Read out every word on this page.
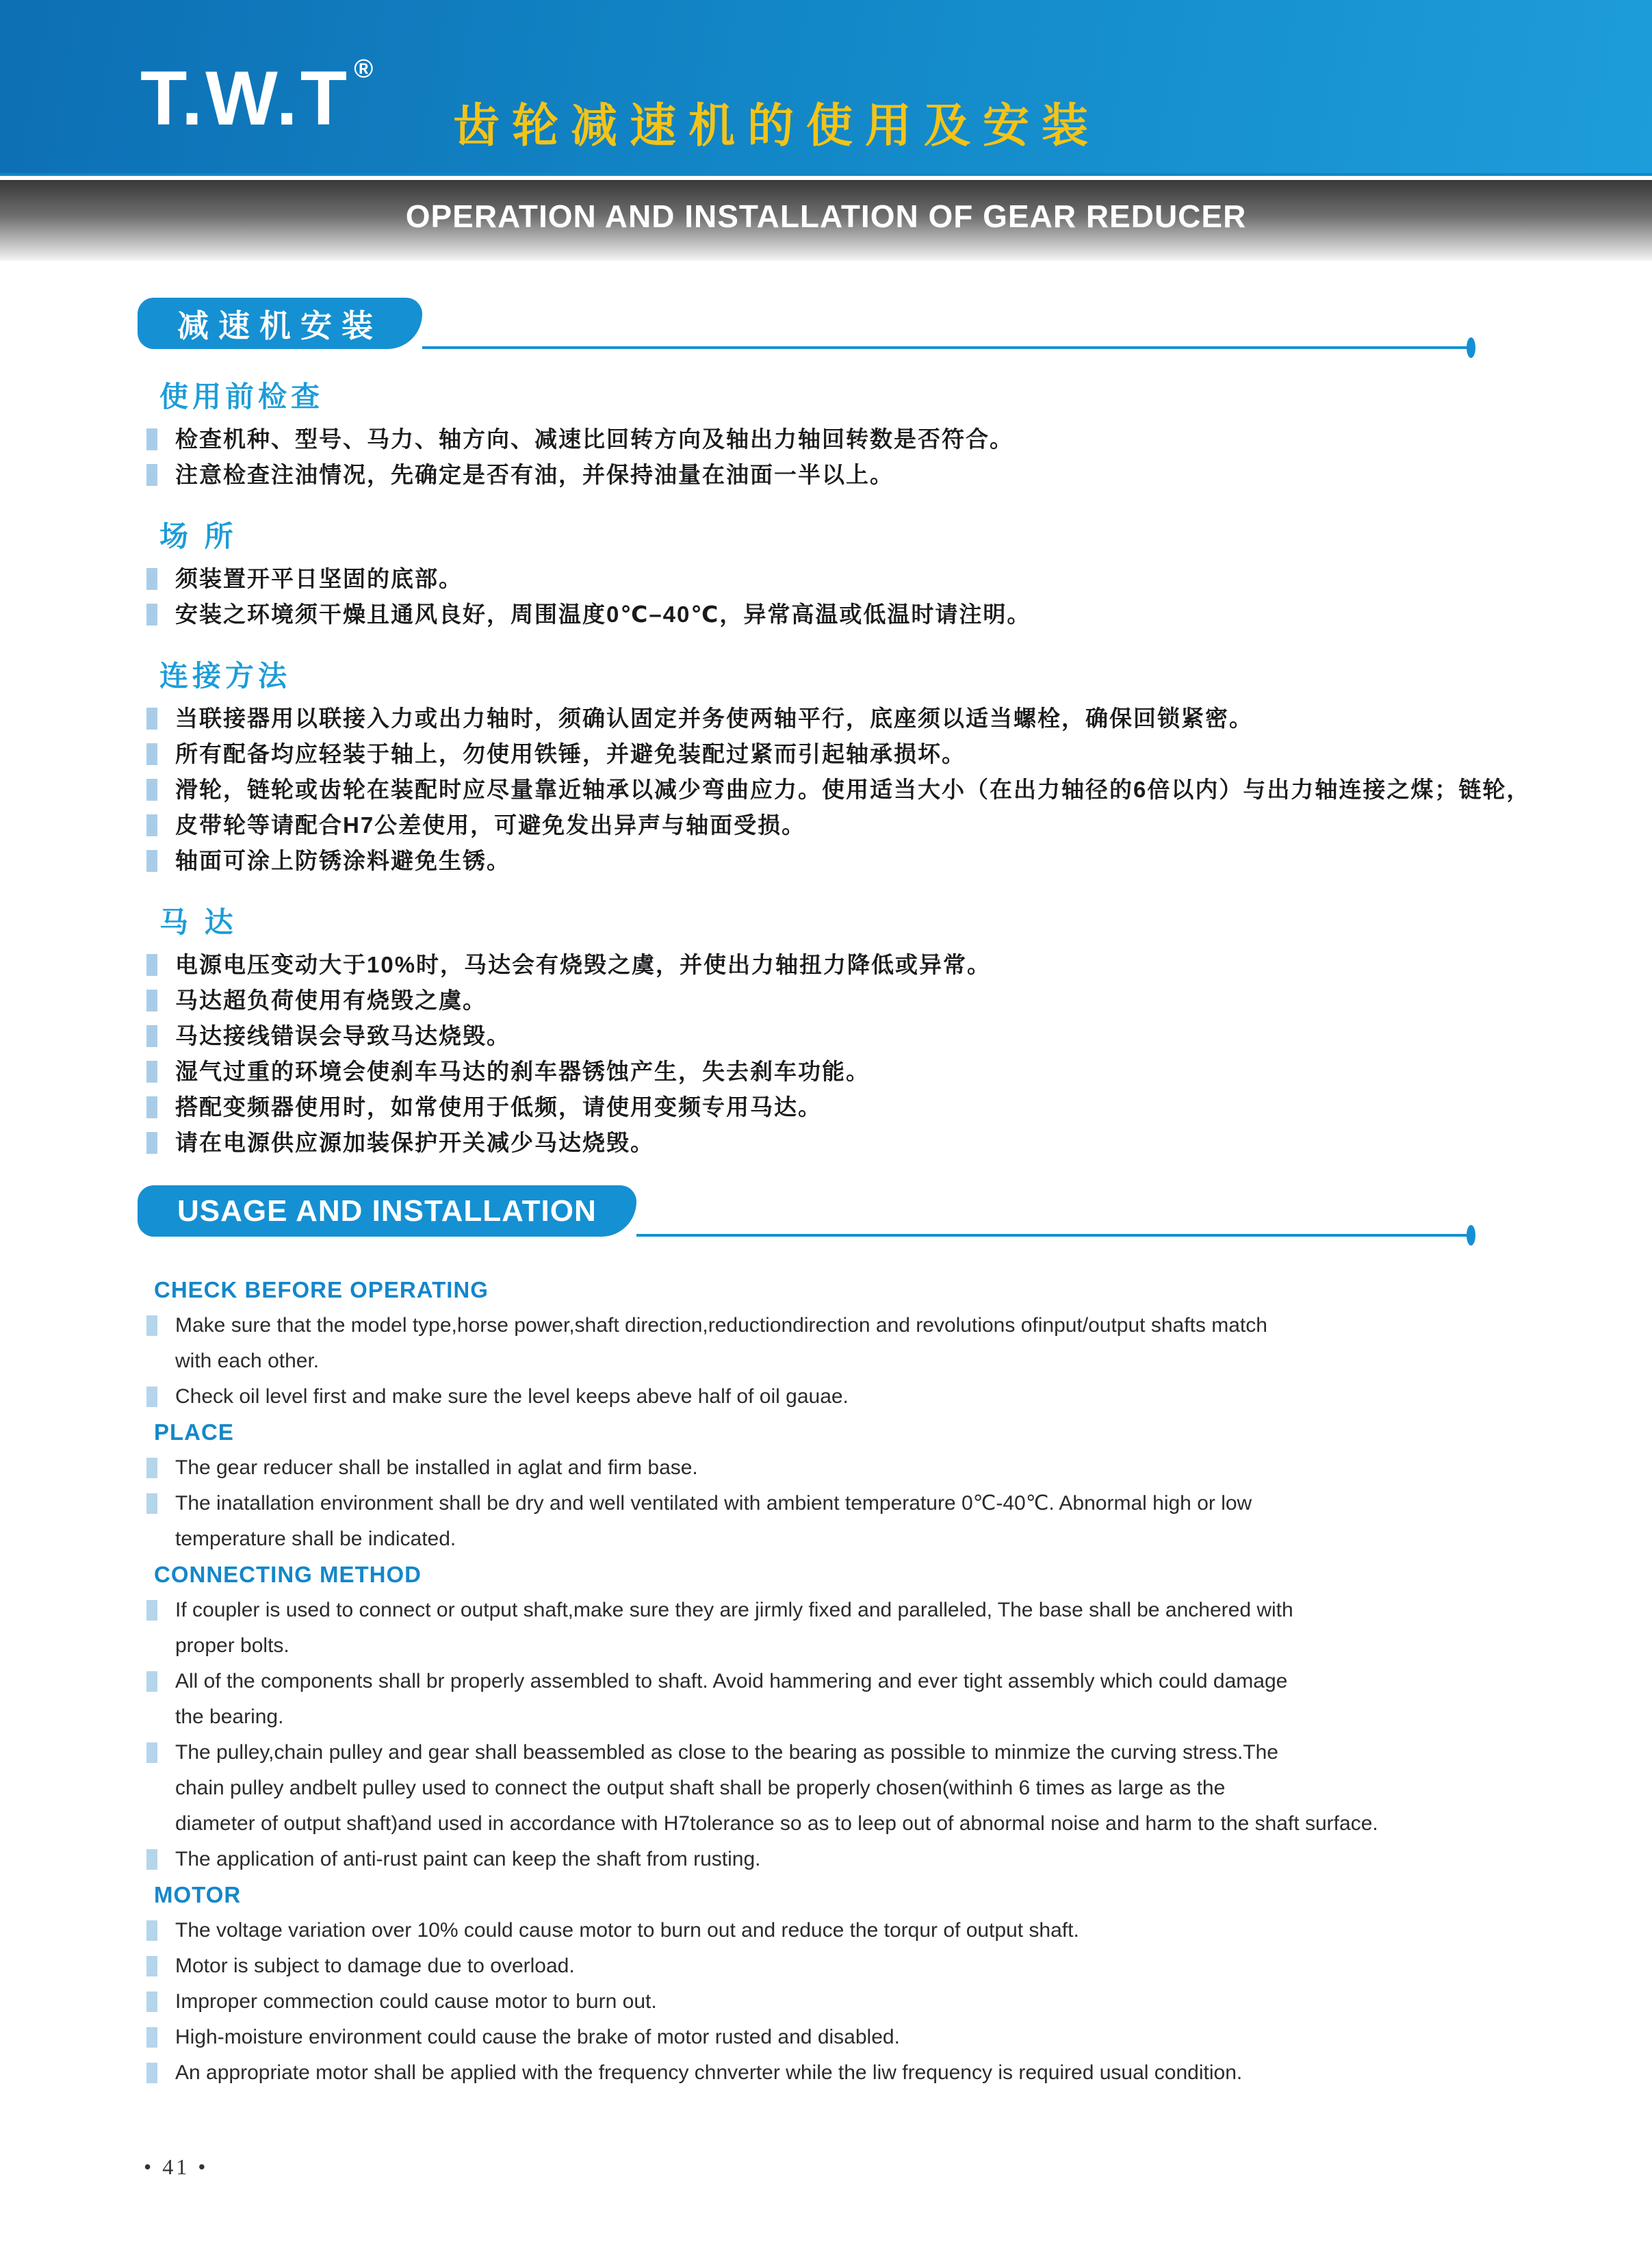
T.W.T ®
齿轮减速机的使用及安装
OPERATION AND INSTALLATION OF GEAR REDUCER
减速机安装
使用前检查
检查机种、型号、马力、轴方向、减速比回转方向及轴出力轴回转数是否符合。
注意检查注油情况，先确定是否有油，并保持油量在油面一半以上。
场 所
须装置开平日坚固的底部。
安装之环境须干燥且通风良好，周围温度0℃–40℃，异常高温或低温时请注明。
连接方法
当联接器用以联接入力或出力轴时，须确认固定并务使两轴平行，底座须以适当螺栓，确保回锁紧密。
所有配备均应轻装于轴上，勿使用铁锤，并避免装配过紧而引起轴承损坏。
滑轮，链轮或齿轮在装配时应尽量靠近轴承以减少弯曲应力。使用适当大小（在出力轴径的6倍以内）与出力轴连接之煤；链轮，
皮带轮等请配合H7公差使用，可避免发出异声与轴面受损。
轴面可涂上防锈涂料避免生锈。
马 达
电源电压变动大于10%时，马达会有烧毁之虞，并使出力轴扭力降低或异常。
马达超负荷使用有烧毁之虞。
马达接线错误会导致马达烧毁。
湿气过重的环境会使刹车马达的刹车器锈蚀产生，失去刹车功能。
搭配变频器使用时，如常使用于低频，请使用变频专用马达。
请在电源供应源加装保护开关减少马达烧毁。
USAGE AND INSTALLATION
CHECK BEFORE OPERATING
Make sure that the model type,horse power,shaft direction,reductiondirection and revolutions ofinput/output shafts match
with each other.
Check oil level first and make sure the level keeps abeve half of oil gauae.
PLACE
The gear reducer shall be installed in aglat and firm base.
The inatallation environment shall be dry and well ventilated with ambient temperature 0℃-40℃. Abnormal high or low
temperature shall be indicated.
CONNECTING METHOD
If coupler is used to connect or output shaft,make sure they are jirmly fixed and paralleled, The base shall be anchered with
proper bolts.
All of the components shall br properly assembled to shaft. Avoid hammering and ever tight assembly which could damage
the bearing.
The pulley,chain pulley and gear shall beassembled as close to the bearing as possible to minmize the curving stress.The
chain pulley andbelt pulley used to connect the output shaft shall be properly chosen(withinh 6 times as large as the
diameter of output shaft)and used in accordance with H7tolerance so as to leep out of abnormal noise and harm to the shaft surface.
The application of anti-rust paint can keep the shaft from rusting.
MOTOR
The voltage variation over 10% could cause motor to burn out and reduce the torqur of output shaft.
Motor is subject to damage due to overload.
Improper commection could cause motor to burn out.
High-moisture environment could cause the brake of motor rusted and disabled.
An appropriate motor shall be applied with the frequency chnverter while the liw frequency is required usual condition.
• 41 •
